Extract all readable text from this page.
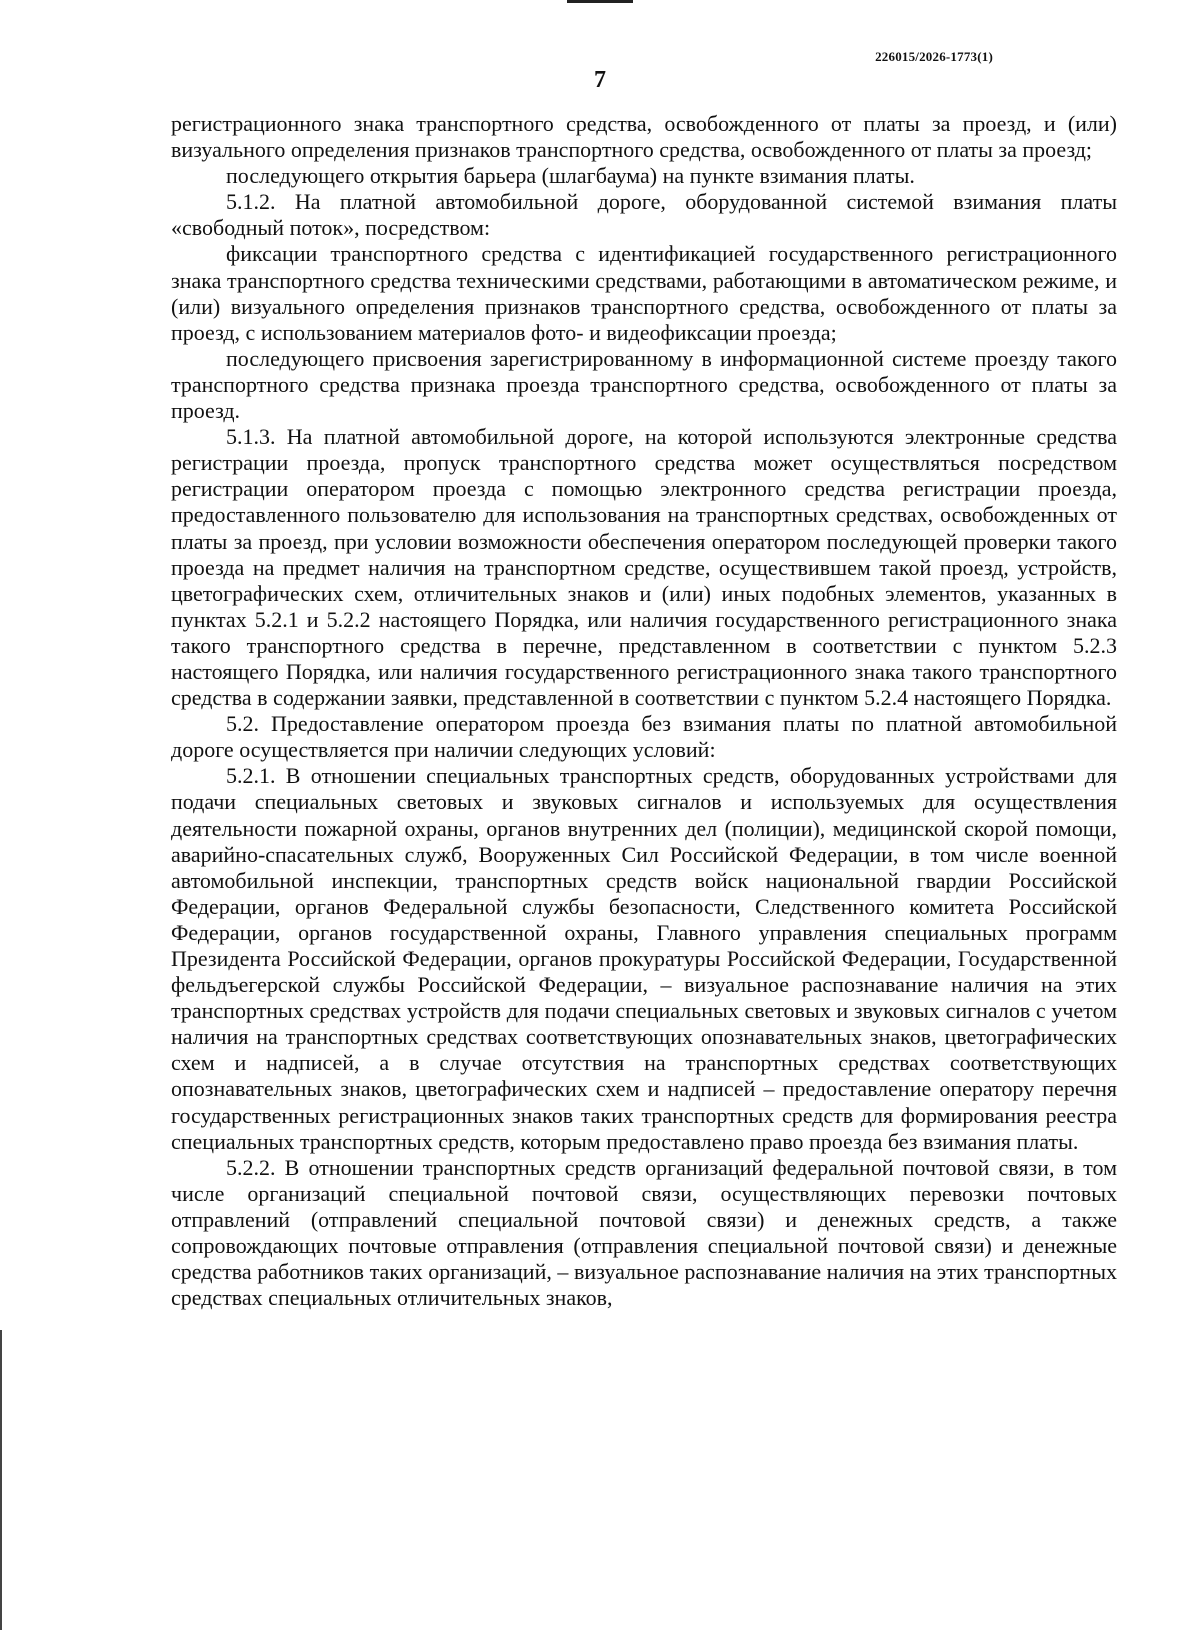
226015/2026-1773(1)
7

регистрационного знака транспортного средства, освобожденного от платы за проезд, и (или) визуального определения признаков транспортного средства, освобожденного от платы за проезд;

последующего открытия барьера (шлагбаума) на пункте взимания платы.

5.1.2. На платной автомобильной дороге, оборудованной системой взимания платы «свободный поток», посредством:

фиксации транспортного средства с идентификацией государственного регистрационного знака транспортного средства техническими средствами, работающими в автоматическом режиме, и (или) визуального определения признаков транспортного средства, освобожденного от платы за проезд, с использованием материалов фото- и видеофиксации проезда;

последующего присвоения зарегистрированному в информационной системе проезду такого транспортного средства признака проезда транспортного средства, освобожденного от платы за проезд.

5.1.3. На платной автомобильной дороге, на которой используются электронные средства регистрации проезда, пропуск транспортного средства может осуществляться посредством регистрации оператором проезда с помощью электронного средства регистрации проезда, предоставленного пользователю для использования на транспортных средствах, освобожденных от платы за проезд, при условии возможности обеспечения оператором последующей проверки такого проезда на предмет наличия на транспортном средстве, осуществившем такой проезд, устройств, цветографических схем, отличительных знаков и (или) иных подобных элементов, указанных в пунктах 5.2.1 и 5.2.2 настоящего Порядка, или наличия государственного регистрационного знака такого транспортного средства в перечне, представленном в соответствии с пунктом 5.2.3 настоящего Порядка, или наличия государственного регистрационного знака такого транспортного средства в содержании заявки, представленной в соответствии с пунктом 5.2.4 настоящего Порядка.

5.2. Предоставление оператором проезда без взимания платы по платной автомобильной дороге осуществляется при наличии следующих условий:

5.2.1. В отношении специальных транспортных средств, оборудованных устройствами для подачи специальных световых и звуковых сигналов и используемых для осуществления деятельности пожарной охраны, органов внутренних дел (полиции), медицинской скорой помощи, аварийно-спасательных служб, Вооруженных Сил Российской Федерации, в том числе военной автомобильной инспекции, транспортных средств войск национальной гвардии Российской Федерации, органов Федеральной службы безопасности, Следственного комитета Российской Федерации, органов государственной охраны, Главного управления специальных программ Президента Российской Федерации, органов прокуратуры Российской Федерации, Государственной фельдъегерской службы Российской Федерации, – визуальное распознавание наличия на этих транспортных средствах устройств для подачи специальных световых и звуковых сигналов с учетом наличия на транспортных средствах соответствующих опознавательных знаков, цветографических схем и надписей, а в случае отсутствия на транспортных средствах соответствующих опознавательных знаков, цветографических схем и надписей – предоставление оператору перечня государственных регистрационных знаков таких транспортных средств для формирования реестра специальных транспортных средств, которым предоставлено право проезда без взимания платы.

5.2.2. В отношении транспортных средств организаций федеральной почтовой связи, в том числе организаций специальной почтовой связи, осуществляющих перевозки почтовых отправлений (отправлений специальной почтовой связи) и денежных средств, а также сопровождающих почтовые отправления (отправления специальной почтовой связи) и денежные средства работников таких организаций, – визуальное распознавание наличия на этих транспортных средствах специальных отличительных знаков,
